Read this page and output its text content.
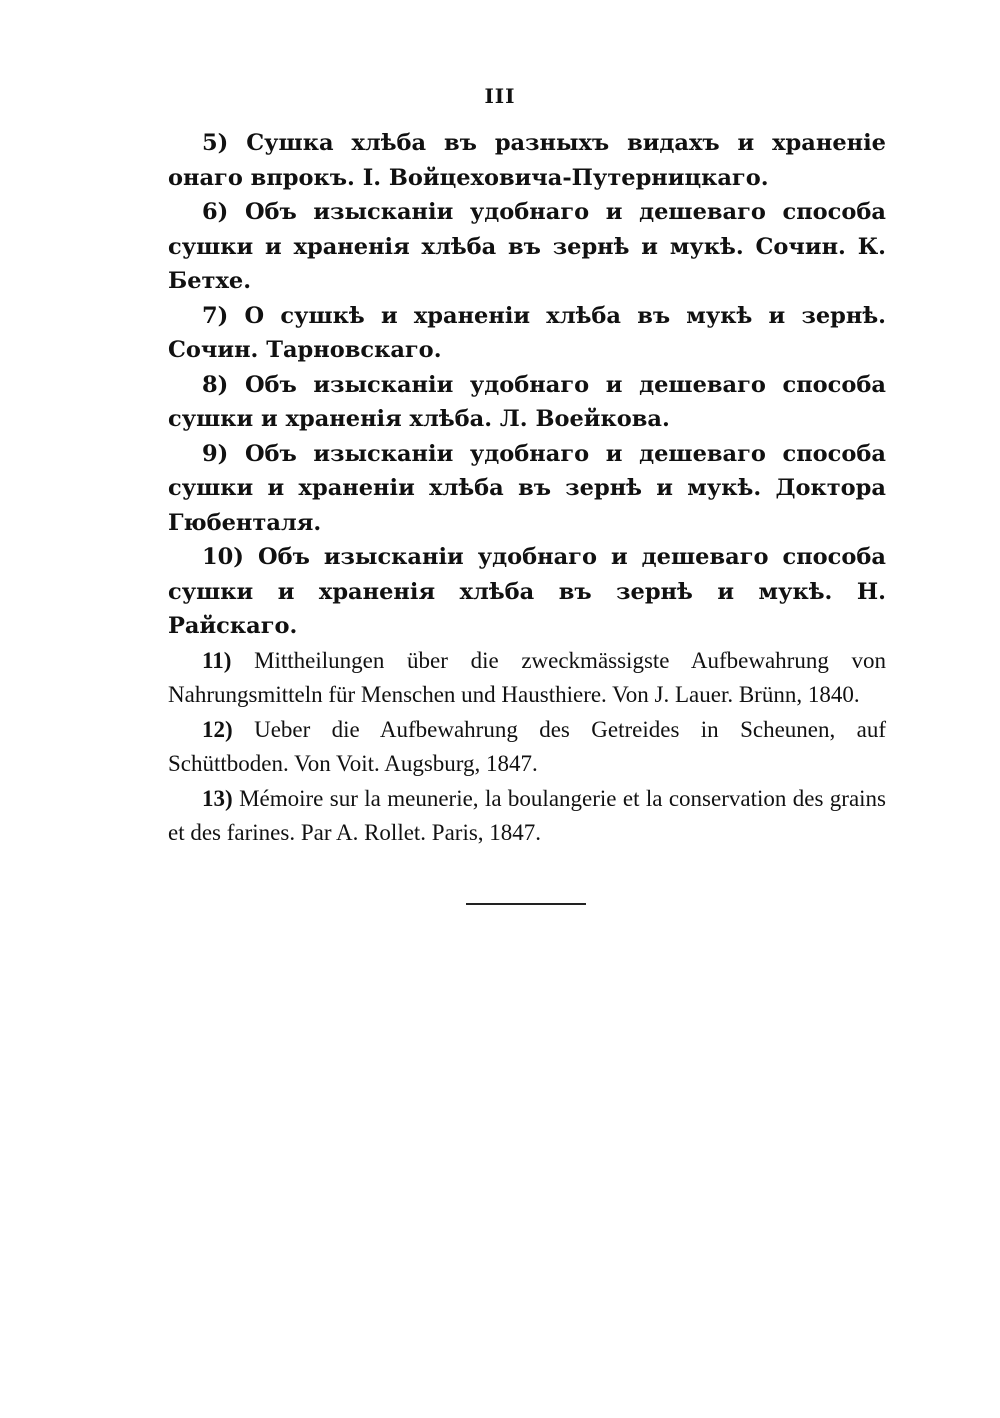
III

5) Сушка хлѣба въ разныхъ видахъ и храненіе онаго впрокъ. I. Войцеховича-Путерницкаго.

6) Объ изысканіи удобнаго и дешеваго способа сушки и храненія хлѣба въ зернѣ и мукѣ. Сочин. К. Бетхе.

7) О сушкѣ и храненіи хлѣба въ мукѣ и зернѣ. Сочин. Тарновскаго.

8) Объ изысканіи удобнаго и дешеваго способа сушки и храненія хлѣба. Л. Воейкова.

9) Объ изысканіи удобнаго и дешеваго способа сушки и храненіи хлѣба въ зернѣ и мукѣ. Доктора Гюбенталя.

10) Объ изысканіи удобнаго и дешеваго способа сушки и храненія хлѣба въ зернѣ и мукѣ. Н. Райскаго.

11) Mittheilungen über die zweckmässigste Aufbewahrung von Nahrungsmitteln für Menschen und Hausthiere. Von J. Lauer. Brünn, 1840.

12) Ueber die Aufbewahrung des Getreides in Scheunen, auf Schüttboden. Von Voit. Augsburg, 1847.

13) Mémoire sur la meunerie, la boulangerie et la conservation des grains et des farines. Par A. Rollet. Paris, 1847.
